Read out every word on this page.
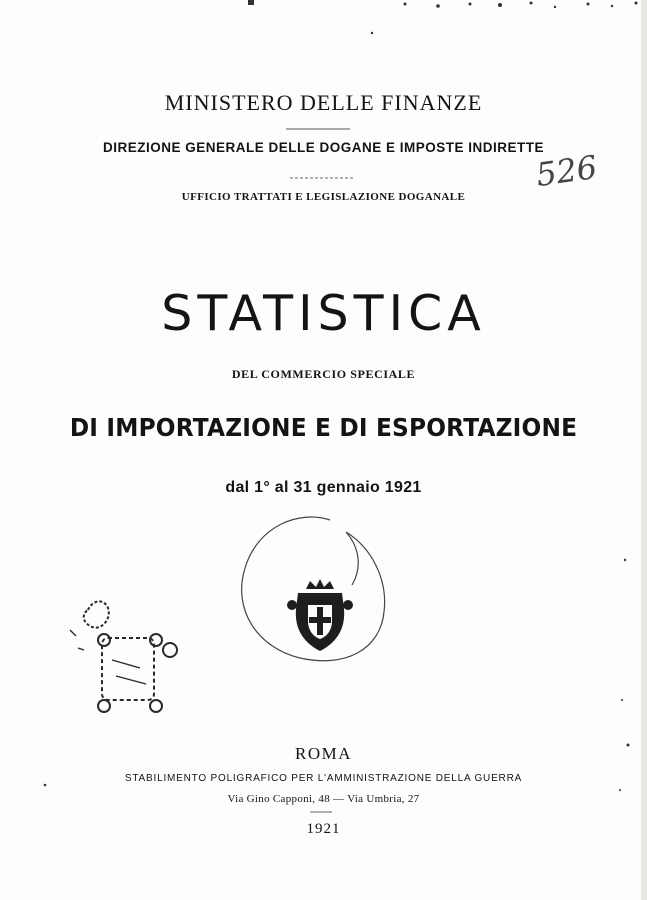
526
MINISTERO DELLE FINANZE
DIREZIONE GENERALE DELLE DOGANE E IMPOSTE INDIRETTE
UFFICIO TRATTATI E LEGISLAZIONE DOGANALE
STATISTICA
DEL COMMERCIO SPECIALE
DI IMPORTAZIONE E DI ESPORTAZIONE
dal 1° al 31 gennaio 1921
ROMA
STABILIMENTO POLIGRAFICO PER L'AMMINISTRAZIONE DELLA GUERRA
Via Gino Capponi, 48 — Via Umbria, 27
1921
